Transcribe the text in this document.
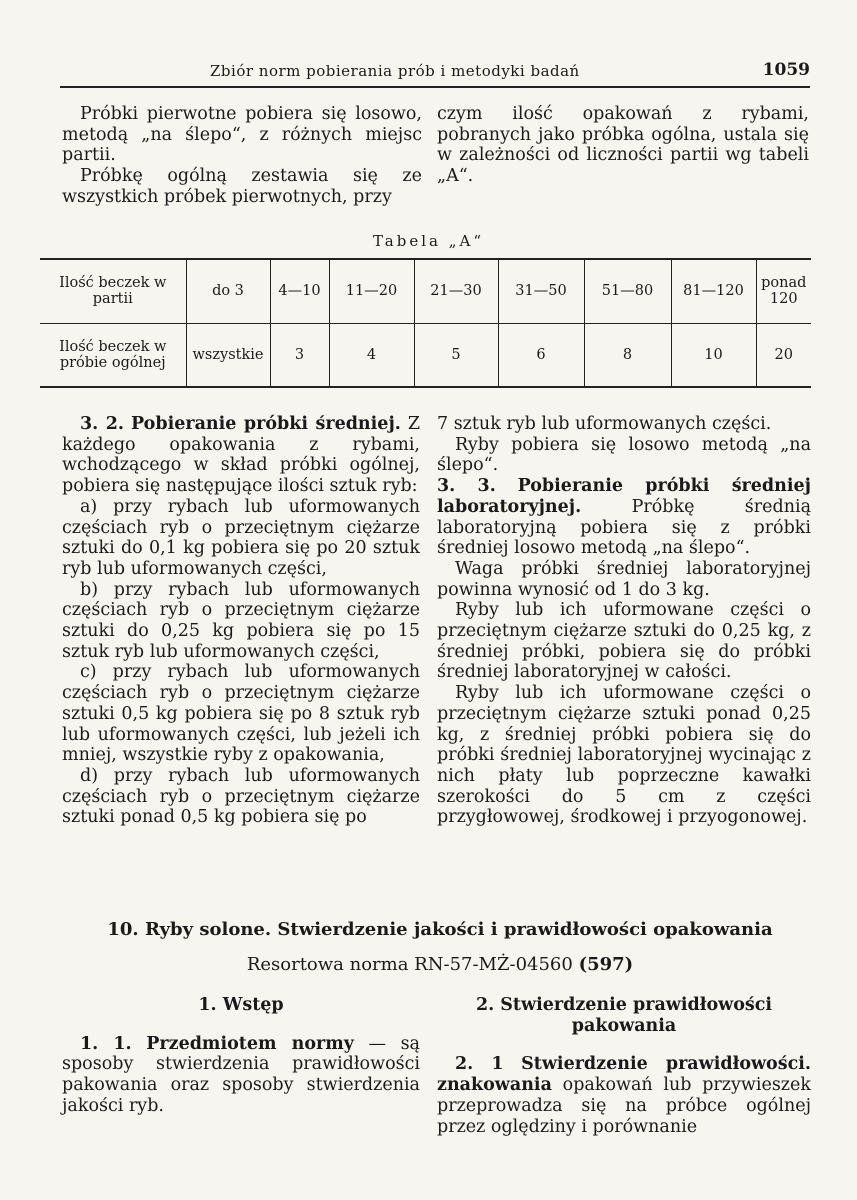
Zbiór norm pobierania prób i metodyki badań	1059

Próbki pierwotne pobiera się losowo, metodą „na ślepo“, z różnych miejsc partii.

Próbkę ogólną zestawia się ze wszystkich próbek pierwotnych, przy

czym ilość opakowań z rybami, pobranych jako próbka ogólna, ustala się w zależności od liczności partii wg tabeli „A“.

Tabela „A“
Ilość beczek w partii	do 3	4—10	11—20	21—30	31—50	51—80	81—120	ponad 120
Ilość beczek w próbie ogólnej	wszystkie	3	4	5	6	8	10	20

3. 2. Pobieranie próbki średniej. Z każdego opakowania z rybami, wchodzącego w skład próbki ogólnej, pobiera się następujące ilości sztuk ryb:

a) przy rybach lub uformowanych częściach ryb o przeciętnym ciężarze sztuki do 0,1 kg pobiera się po 20 sztuk ryb lub uformowanych części,

b) przy rybach lub uformowanych częściach ryb o przeciętnym ciężarze sztuki do 0,25 kg pobiera się po 15 sztuk ryb lub uformowanych części,

c) przy rybach lub uformowanych częściach ryb o przeciętnym ciężarze sztuki 0,5 kg pobiera się po 8 sztuk ryb lub uformowanych części, lub jeżeli ich mniej, wszystkie ryby z opakowania,

d) przy rybach lub uformowanych częściach ryb o przeciętnym ciężarze sztuki ponad 0,5 kg pobiera się po

7 sztuk ryb lub uformowanych części.

Ryby pobiera się losowo metodą „na ślepo“.

3. 3. Pobieranie próbki średniej laboratoryjnej.	Próbkę średnią laboratoryjną pobiera się z próbki średniej losowo metodą „na ślepo“.

Waga próbki średniej laboratoryjnej powinna wynosić od 1 do 3 kg.

Ryby lub ich uformowane części o przeciętnym ciężarze sztuki do 0,25 kg, z średniej próbki, pobiera się do próbki średniej laboratoryjnej w całości.

Ryby lub ich uformowane części o przeciętnym ciężarze sztuki ponad 0,25 kg, z średniej próbki pobiera się do próbki średniej laboratoryjnej wycinając z nich płaty lub poprzeczne kawałki szerokości do 5 cm z części przygłowowej, środkowej i przyogonowej.

10. Ryby solone. Stwierdzenie jakości i prawidłowości opakowania
Resortowa norma RN-57-MŻ-04560 (597)

1. Wstęp

1. 1. Przedmiotem normy — są sposoby stwierdzenia prawidłowości pakowania oraz sposoby stwierdzenia jakości ryb.

2. Stwierdzenie prawidłowości pakowania

2. 1 Stwierdzenie prawidłowości. znakowania opakowań lub przywieszek przeprowadza się na próbce ogólnej przez oględziny i porównanie
